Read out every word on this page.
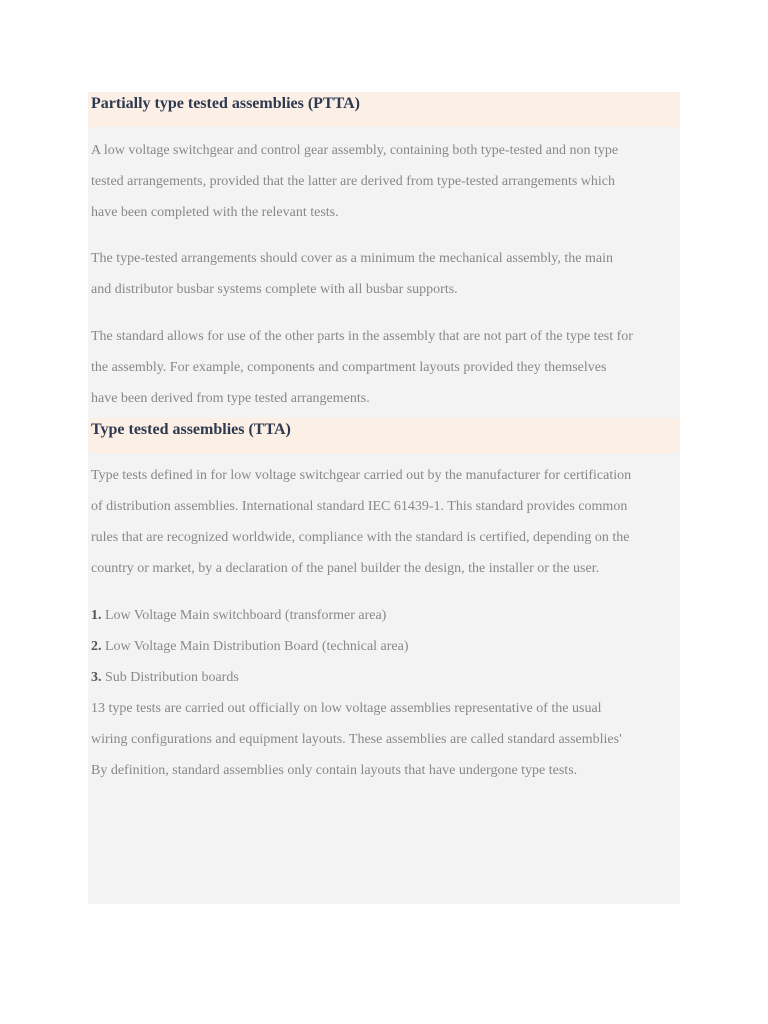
Partially type tested assemblies (PTTA)
A low voltage switchgear and control gear assembly, containing both type-tested and non type
tested arrangements, provided that the latter are derived from type-tested arrangements which
have been completed with the relevant tests.
The type-tested arrangements should cover as a minimum the mechanical assembly, the main
and distributor busbar systems complete with all busbar supports.
The standard allows for use of the other parts in the assembly that are not part of the type test for
the assembly. For example, components and compartment layouts provided they themselves
have been derived from type tested arrangements.
Type tested assemblies (TTA)
Type tests defined in for low voltage switchgear carried out by the manufacturer for certification
of distribution assemblies. International standard IEC 61439-1. This standard provides common
rules that are recognized worldwide, compliance with the standard is certified, depending on the
country or market, by a declaration of the panel builder the design, the installer or the user.
1. Low Voltage Main switchboard (transformer area)
2. Low Voltage Main Distribution Board (technical area)
3. Sub Distribution boards
13 type tests are carried out officially on low voltage assemblies representative of the usual
wiring configurations and equipment layouts. These assemblies are called standard assemblies'
By definition, standard assemblies only contain layouts that have undergone type tests.
